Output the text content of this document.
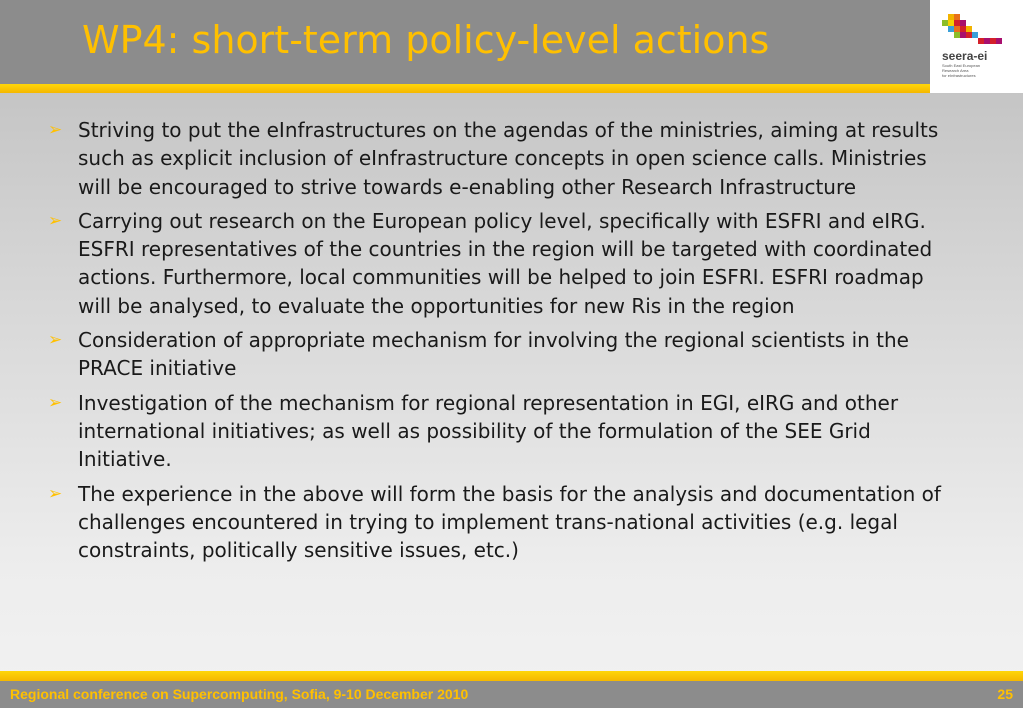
WP4: short-term policy-level actions	seera-ei
South East European
Research Area
for eInfrastructures
➢ Striving to put the eInfrastructures on the agendas of the ministries, aiming at results such as explicit inclusion of eInfrastructure concepts in open science calls. Ministries will be encouraged to strive towards e-enabling other Research Infrastructure
➢ Carrying out research on the European policy level, specifically with ESFRI and eIRG. ESFRI representatives of the countries in the region will be targeted with coordinated actions. Furthermore, local communities will be helped to join ESFRI. ESFRI roadmap will be analysed, to evaluate the opportunities for new Ris in the region
➢ Consideration of appropriate mechanism for involving the regional scientists in the PRACE initiative
➢ Investigation of the mechanism for regional representation in EGI, eIRG and other international initiatives; as well as possibility of the formulation of the SEE Grid Initiative.
➢ The experience in the above will form the basis for the analysis and documentation of challenges encountered in trying to implement trans-national activities (e.g. legal constraints, politically sensitive issues, etc.)
Regional conference on Supercomputing, Sofia, 9-10 December 2010	25
